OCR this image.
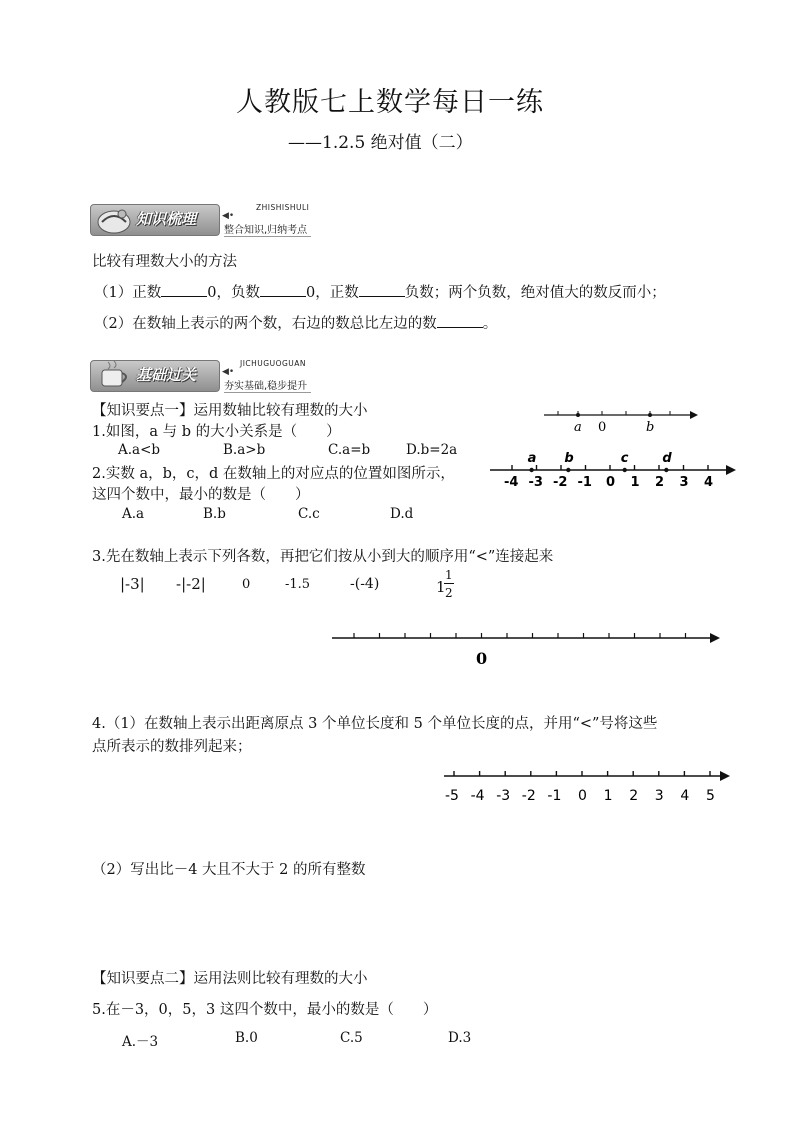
人教版七上数学每日一练
——1.2.5 绝对值（二）
知识梳理	◀•
ZHISHISHULI
整合知识,归纳考点
比较有理数大小的方法
（1）正数	0，负数	0，正数	负数；两个负数，绝对值大的数反而小；
（2）在数轴上表示的两个数，右边的数总比左边的数	。
基础过关	◀•
JICHUGUOGUAN
夯实基础,稳步提升
【知识要点一】运用数轴比较有理数的大小
1.如图，a 与 b 的大小关系是（　　）
A.a<b	B.a>b	C.a=b	D.b=2a
a 0	b
2.实数 a，b，c，d 在数轴上的对应点的位置如图所示，
这四个数中，最小的数是（　　）
A.a	B.b	C.c	D.d
-4 -3 -2 -1 0 1 2 3 4
a b	c	d
3.先在数轴上表示下列各数，再把它们按从小到大的顺序用“<”连接起来
|-3| -|-2|	0	-1.5	-(-4)	1
1
2
0
4.（1）在数轴上表示出距离原点 3 个单位长度和 5 个单位长度的点，并用“<”号将这些
点所表示的数排列起来；
-5 -4 -3 -2 -1 0 1 2 3 4 5
（2）写出比－4 大且不大于 2 的所有整数
【知识要点二】运用法则比较有理数的大小
5.在－3，0，5，3 这四个数中，最小的数是（　　）
A.－3	B.0	C.5	D.3
